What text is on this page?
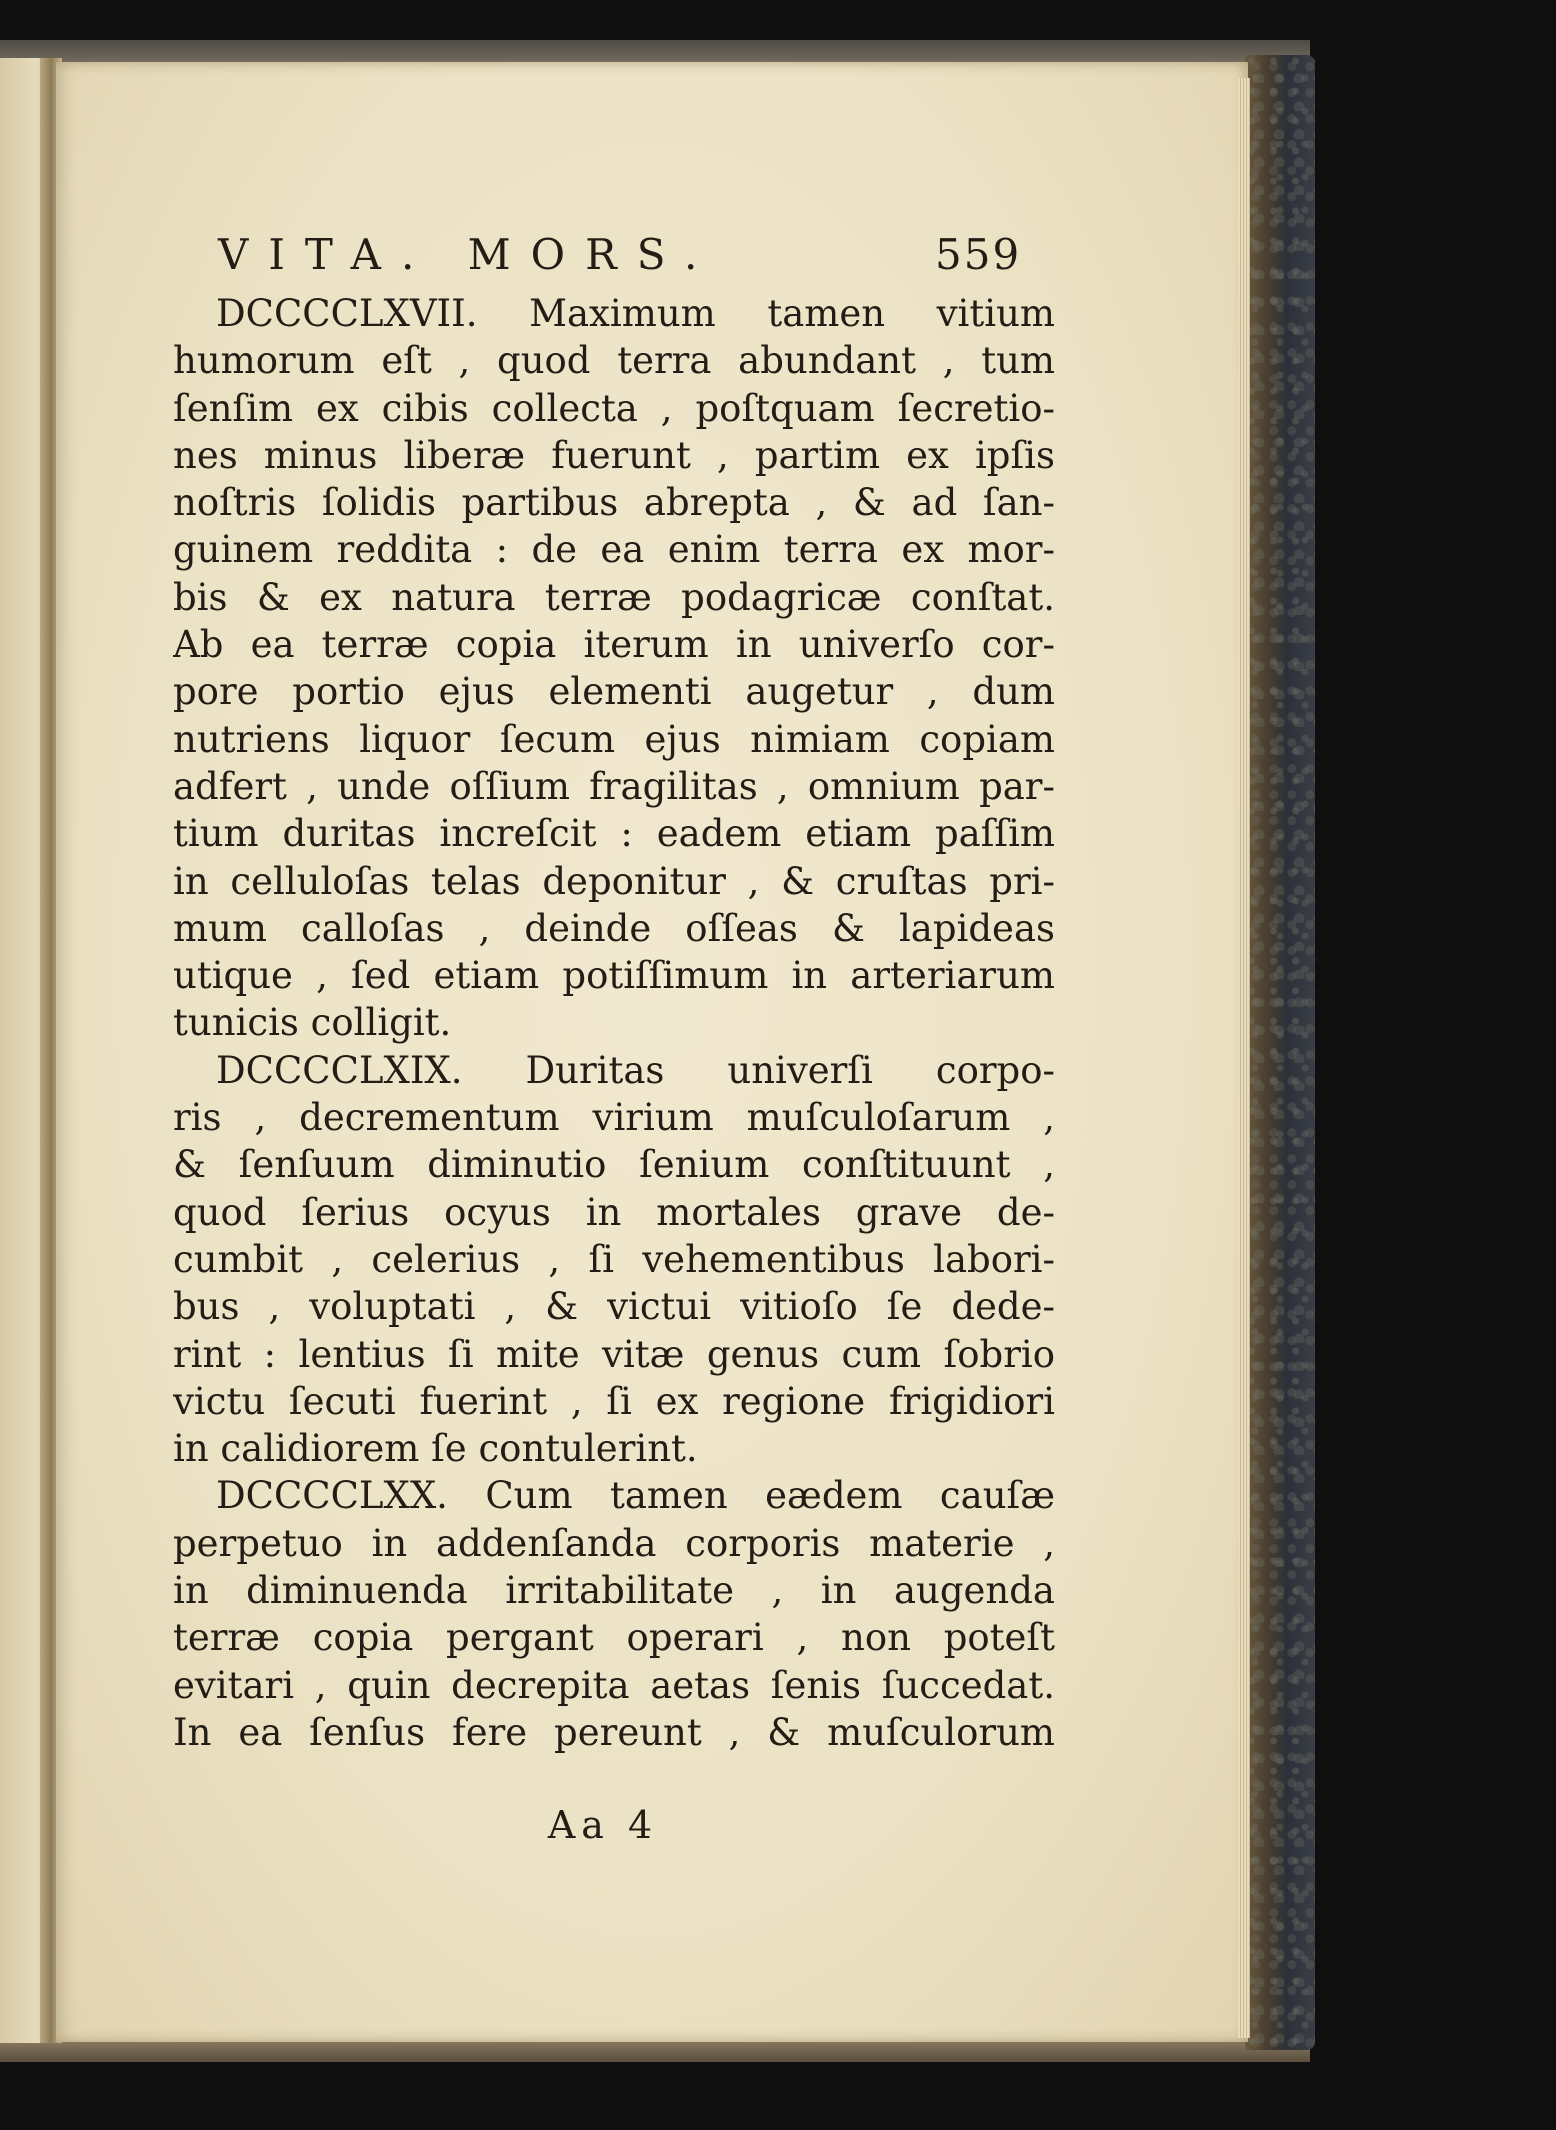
VITA. MORS.	559
DCCCCLXVII. Maximum tamen vitium
humorum eſt , quod terra abundant , tum
ſenſim ex cibis collecta , poſtquam ſecretio-
nes minus liberæ fuerunt , partim ex ipſis
noſtris ſolidis partibus abrepta , & ad ſan-
guinem reddita : de ea enim terra ex mor-
bis & ex natura terræ podagricæ conſtat.
Ab ea terræ copia iterum in univerſo cor-
pore portio ejus elementi augetur , dum
nutriens liquor ſecum ejus nimiam copiam
adfert , unde oſſium fragilitas , omnium par-
tium duritas increſcit : eadem etiam paſſim
in celluloſas telas deponitur , & cruſtas pri-
mum calloſas , deinde oſſeas & lapideas
utique , ſed etiam potiſſimum in arteriarum
tunicis colligit.
DCCCCLXIX. Duritas univerſi corpo-
ris , decrementum virium muſculoſarum ,
& ſenſuum diminutio ſenium conſtituunt ,
quod ſerius ocyus in mortales grave de-
cumbit , celerius , ſi vehementibus labori-
bus , voluptati , & victui vitioſo ſe dede-
rint : lentius ſi mite vitæ genus cum ſobrio
victu ſecuti fuerint , ſi ex regione frigidiori
in calidiorem ſe contulerint.
DCCCCLXX. Cum tamen eædem cauſæ
perpetuo in addenſanda corporis materie ,
in diminuenda irritabilitate , in augenda
terræ copia pergant operari , non poteſt
evitari , quin decrepita aetas ſenis ſuccedat.
In ea ſenſus fere pereunt , & muſculorum
Aa 4
